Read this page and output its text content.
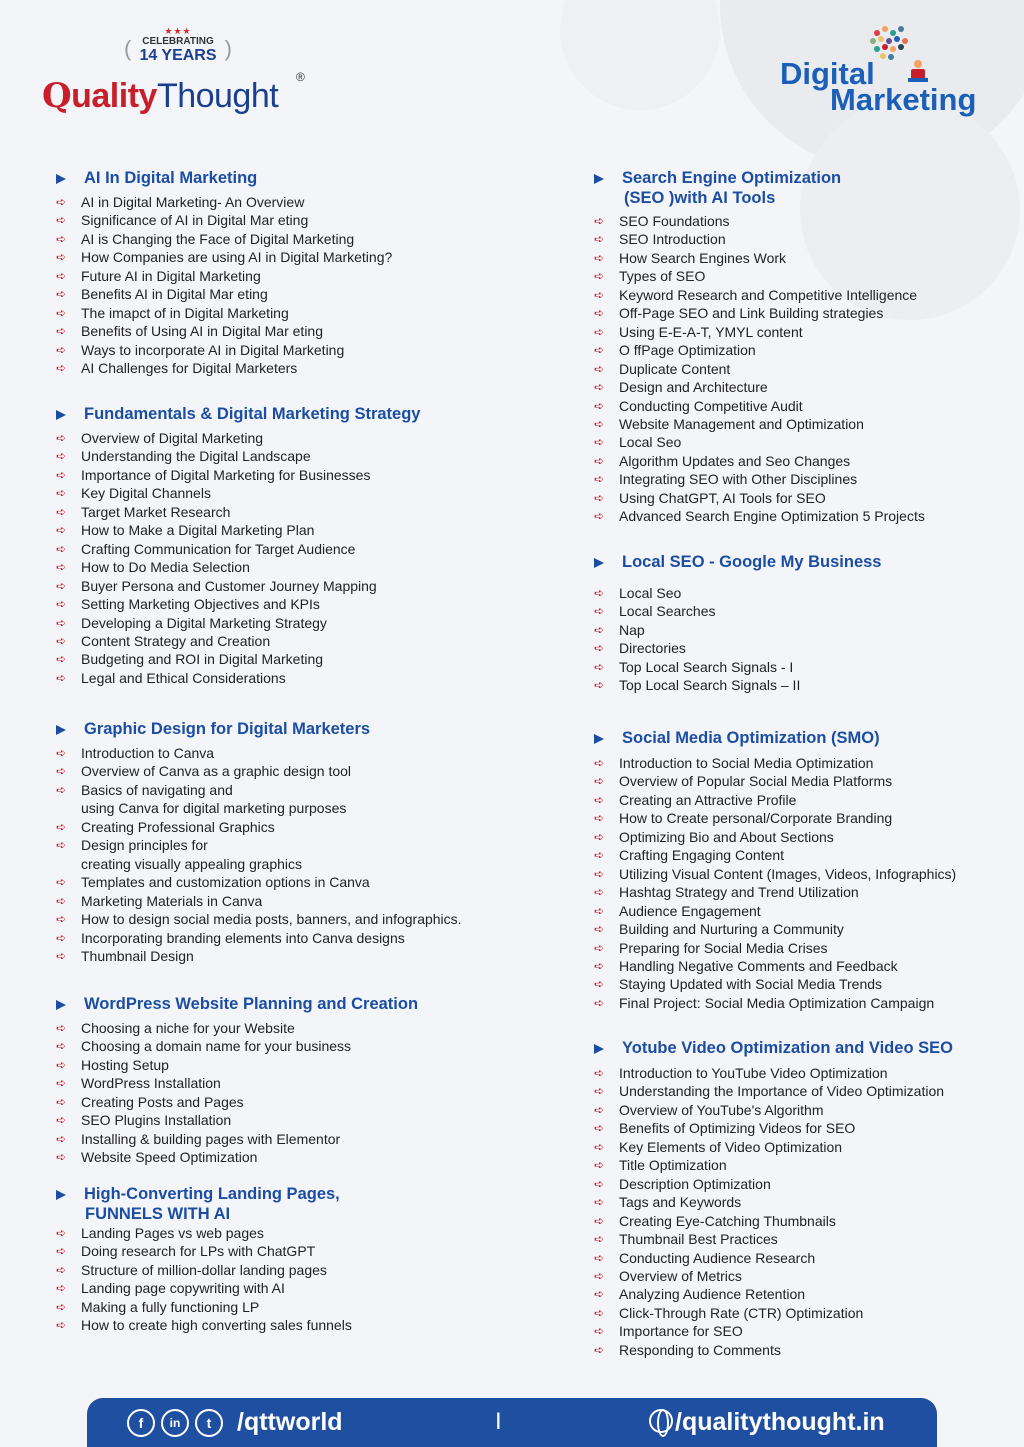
★★★
CELEBRATING
14 YEARS
(	)
QualityThought ®	Digital
Marketing
AI In Digital Marketing
➪ AI in Digital Marketing- An Overview
➪ Significance of AI in Digital Mar eting
➪ AI is Changing the Face of Digital Marketing
➪ How Companies are using AI in Digital Marketing?
➪ Future AI in Digital Marketing
➪ Benefits AI in Digital Mar eting
➪ The imapct of in Digital Marketing
➪ Benefits of Using AI in Digital Mar eting
➪ Ways to incorporate AI in Digital Marketing
➪ AI Challenges for Digital Marketers
Fundamentals & Digital Marketing Strategy
➪ Overview of Digital Marketing
➪ Understanding the Digital Landscape
➪ Importance of Digital Marketing for Businesses
➪ Key Digital Channels
➪ Target Market Research
➪ How to Make a Digital Marketing Plan
➪ Crafting Communication for Target Audience
➪ How to Do Media Selection
➪ Buyer Persona and Customer Journey Mapping
➪ Setting Marketing Objectives and KPIs
➪ Developing a Digital Marketing Strategy
➪ Content Strategy and Creation
➪ Budgeting and ROI in Digital Marketing
➪ Legal and Ethical Considerations
Graphic Design for Digital Marketers
➪ Introduction to Canva
➪ Overview of Canva as a graphic design tool
➪ Basics of navigating and
using Canva for digital marketing purposes
➪ Creating Professional Graphics
➪ Design principles for
creating visually appealing graphics
➪ Templates and customization options in Canva
➪ Marketing Materials in Canva
➪ How to design social media posts, banners, and infographics.
➪ Incorporating branding elements into Canva designs
➪ Thumbnail Design
WordPress Website Planning and Creation
➪ Choosing a niche for your Website
➪ Choosing a domain name for your business
➪ Hosting Setup
➪ WordPress Installation
➪ Creating Posts and Pages
➪ SEO Plugins Installation
➪ Installing & building pages with Elementor
➪ Website Speed Optimization
High-Converting Landing Pages,
FUNNELS WITH AI
➪ Landing Pages vs web pages
➪ Doing research for LPs with ChatGPT
➪ Structure of million-dollar landing pages
➪ Landing page copywriting with AI
➪ Making a fully functioning LP
➪ How to create high converting sales funnels
Search Engine Optimization
(SEO )with AI Tools
➪ SEO Foundations
➪ SEO Introduction
➪ How Search Engines Work
➪ Types of SEO
➪ Keyword Research and Competitive Intelligence
➪ Off-Page SEO and Link Building strategies
➪ Using E-E-A-T, YMYL content
➪ O ffPage Optimization
➪ Duplicate Content
➪ Design and Architecture
➪ Conducting Competitive Audit
➪ Website Management and Optimization
➪ Local Seo
➪ Algorithm Updates and Seo Changes
➪ Integrating SEO with Other Disciplines
➪ Using ChatGPT, AI Tools for SEO
➪ Advanced Search Engine Optimization 5 Projects
Local SEO - Google My Business
➪ Local Seo
➪ Local Searches
➪ Nap
➪ Directories
➪ Top Local Search Signals - I
➪ Top Local Search Signals – II
Social Media Optimization (SMO)
➪ Introduction to Social Media Optimization
➪ Overview of Popular Social Media Platforms
➪ Creating an Attractive Profile
➪ How to Create personal/Corporate Branding
➪ Optimizing Bio and About Sections
➪ Crafting Engaging Content
➪ Utilizing Visual Content (Images, Videos, Infographics)
➪ Hashtag Strategy and Trend Utilization
➪ Audience Engagement
➪ Building and Nurturing a Community
➪ Preparing for Social Media Crises
➪ Handling Negative Comments and Feedback
➪ Staying Updated with Social Media Trends
➪ Final Project: Social Media Optimization Campaign
Yotube Video Optimization and Video SEO
➪ Introduction to YouTube Video Optimization
➪ Understanding the Importance of Video Optimization
➪ Overview of YouTube's Algorithm
➪ Benefits of Optimizing Videos for SEO
➪ Key Elements of Video Optimization
➪ Title Optimization
➪ Description Optimization
➪ Tags and Keywords
➪ Creating Eye-Catching Thumbnails
➪ Thumbnail Best Practices
➪ Conducting Audience Research
➪ Overview of Metrics
➪ Analyzing Audience Retention
➪ Click-Through Rate (CTR) Optimization
➪ Importance for SEO
➪ Responding to Comments
f	in	t	/qttworld	I	/qualitythought.in
